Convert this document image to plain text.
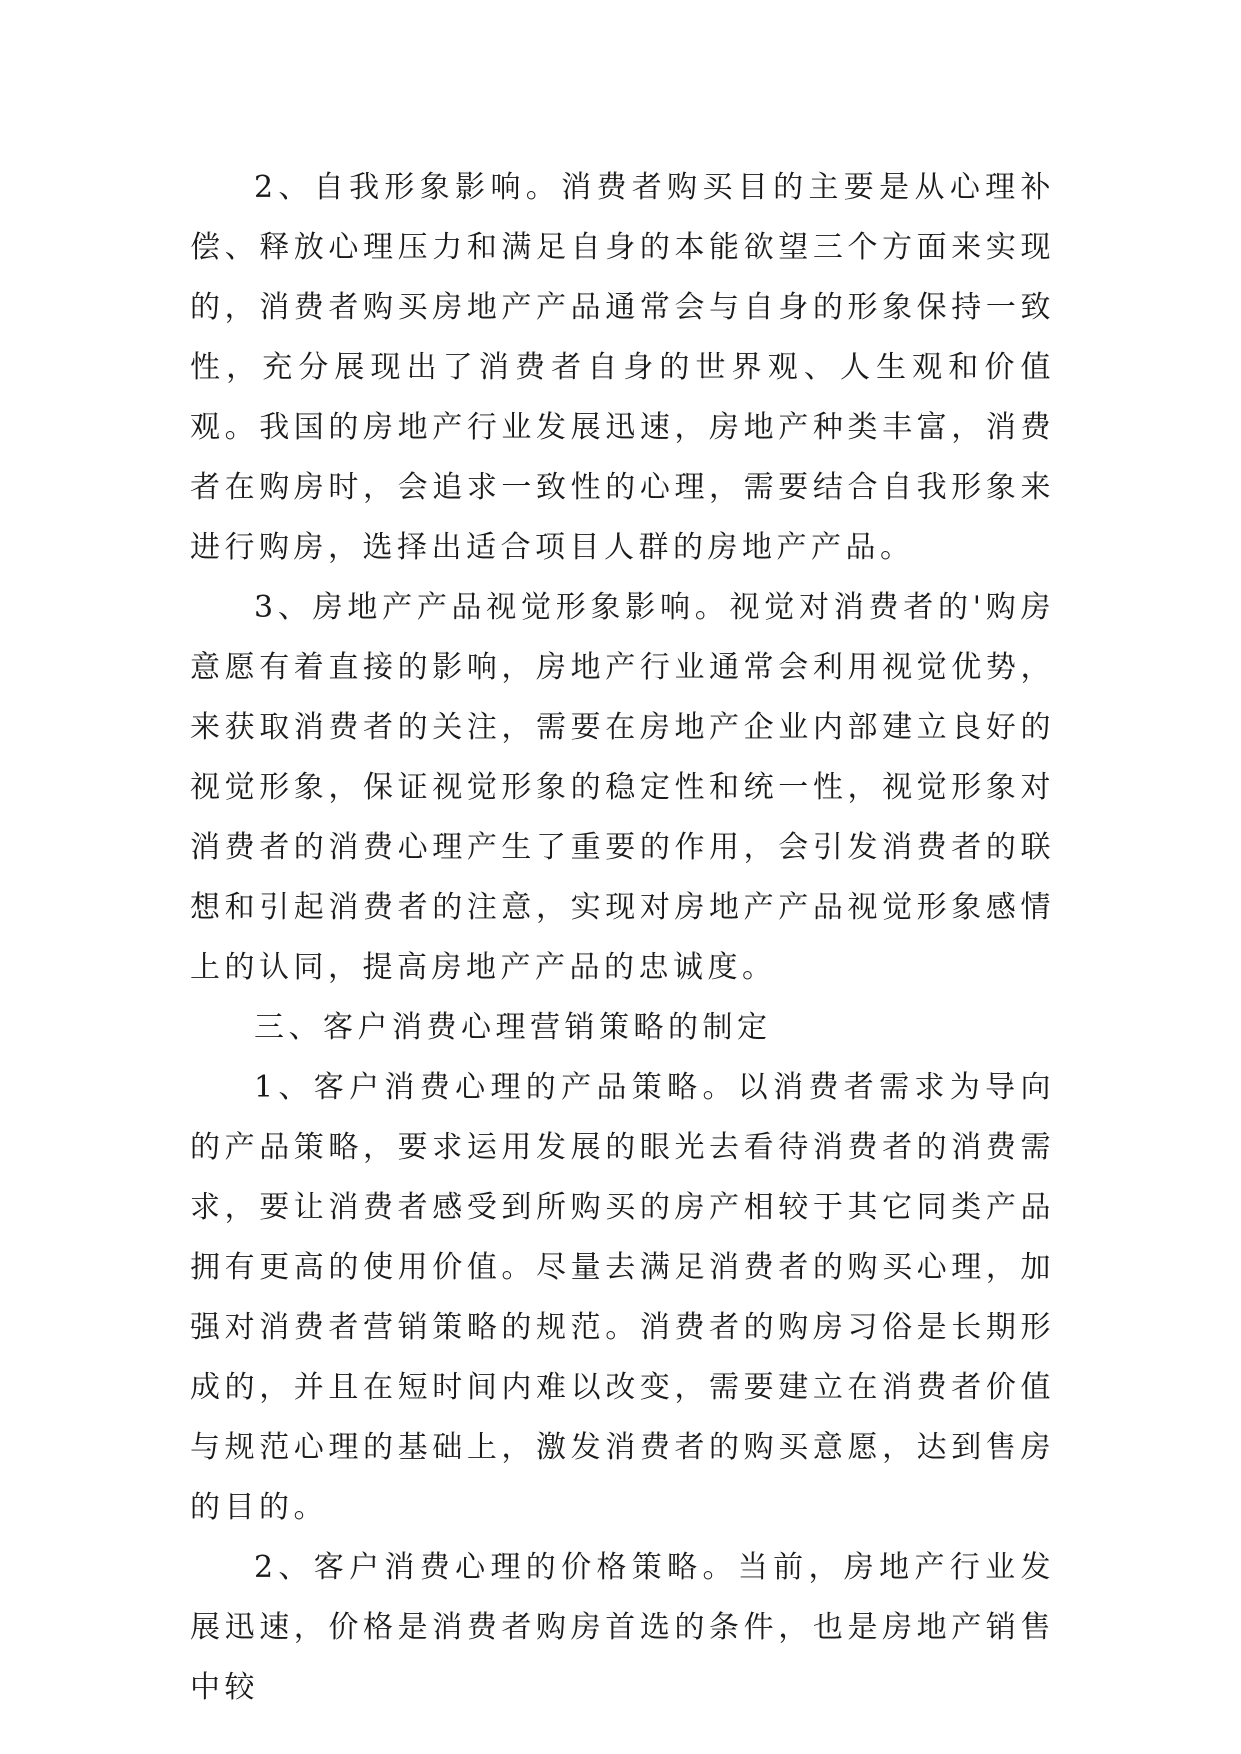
2、自我形象影响。消费者购买目的主要是从心理补偿、释放心理压力和满足自身的本能欲望三个方面来实现的，消费者购买房地产产品通常会与自身的形象保持一致性，充分展现出了消费者自身的世界观、人生观和价值观。我国的房地产行业发展迅速，房地产种类丰富，消费者在购房时，会追求一致性的心理，需要结合自我形象来进行购房，选择出适合项目人群的房地产产品。

3、房地产产品视觉形象影响。视觉对消费者的'购房意愿有着直接的影响，房地产行业通常会利用视觉优势，来获取消费者的关注，需要在房地产企业内部建立良好的视觉形象，保证视觉形象的稳定性和统一性，视觉形象对消费者的消费心理产生了重要的作用，会引发消费者的联想和引起消费者的注意，实现对房地产产品视觉形象感情上的认同，提高房地产产品的忠诚度。

三、客户消费心理营销策略的制定

1、客户消费心理的产品策略。以消费者需求为导向的产品策略，要求运用发展的眼光去看待消费者的消费需求，要让消费者感受到所购买的房产相较于其它同类产品拥有更高的使用价值。尽量去满足消费者的购买心理，加强对消费者营销策略的规范。消费者的购房习俗是长期形成的，并且在短时间内难以改变，需要建立在消费者价值与规范心理的基础上，激发消费者的购买意愿，达到售房的目的。

2、客户消费心理的价格策略。当前，房地产行业发展迅速，价格是消费者购房首选的条件，也是房地产销售中较
